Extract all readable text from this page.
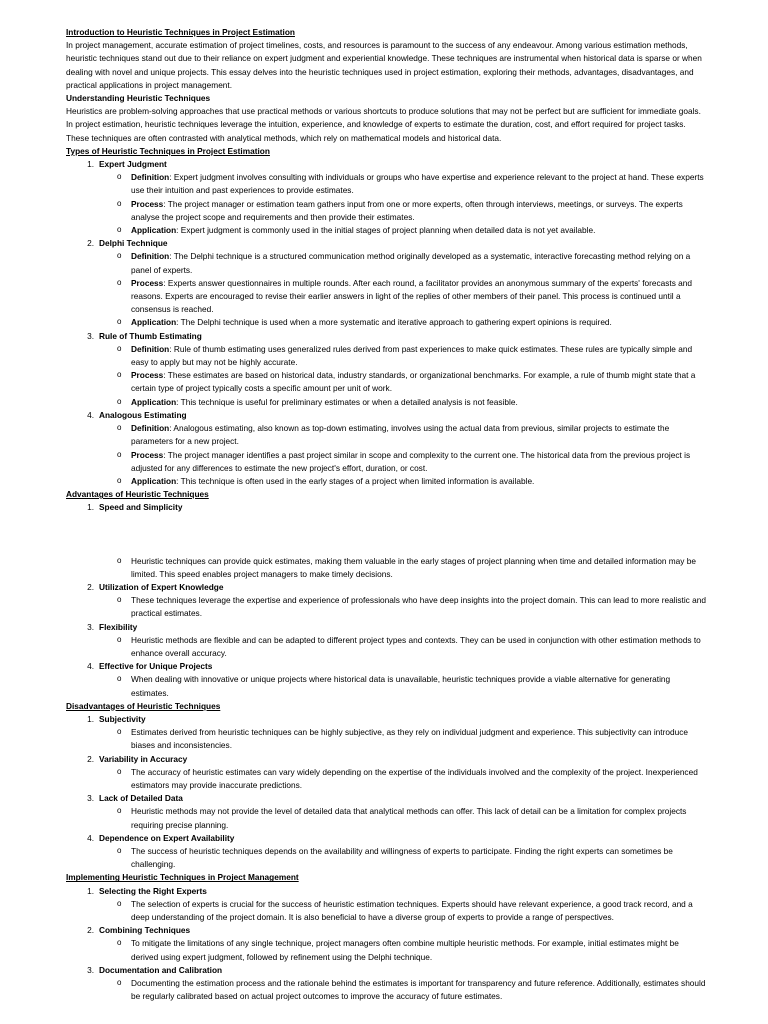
Introduction to Heuristic Techniques in Project Estimation

In project management, accurate estimation of project timelines, costs, and resources is paramount to the success of any endeavour. Among various estimation methods, heuristic techniques stand out due to their reliance on expert judgment and experiential knowledge. These techniques are instrumental when historical data is sparse or when dealing with novel and unique projects. This essay delves into the heuristic techniques used in project estimation, exploring their methods, advantages, disadvantages, and practical applications in project management.

Understanding Heuristic Techniques

Heuristics are problem-solving approaches that use practical methods or various shortcuts to produce solutions that may not be perfect but are sufficient for immediate goals. In project estimation, heuristic techniques leverage the intuition, experience, and knowledge of experts to estimate the duration, cost, and effort required for project tasks. These techniques are often contrasted with analytical methods, which rely on mathematical models and historical data.

Types of Heuristic Techniques in Project Estimation

Expert Judgment
o Definition: Expert judgment involves consulting with individuals or groups who have expertise and experience relevant to the project at hand. These experts use their intuition and past experiences to provide estimates.
o Process: The project manager or estimation team gathers input from one or more experts, often through interviews, meetings, or surveys. The experts analyse the project scope and requirements and then provide their estimates.
o Application: Expert judgment is commonly used in the initial stages of project planning when detailed data is not yet available.
Delphi Technique
o Definition: The Delphi technique is a structured communication method originally developed as a systematic, interactive forecasting method relying on a panel of experts.
o Process: Experts answer questionnaires in multiple rounds. After each round, a facilitator provides an anonymous summary of the experts' forecasts and reasons. Experts are encouraged to revise their earlier answers in light of the replies of other members of their panel. This process is continued until a consensus is reached.
o Application: The Delphi technique is used when a more systematic and iterative approach to gathering expert opinions is required.
Rule of Thumb Estimating
o Definition: Rule of thumb estimating uses generalized rules derived from past experiences to make quick estimates. These rules are typically simple and easy to apply but may not be highly accurate.
o Process: These estimates are based on historical data, industry standards, or organizational benchmarks. For example, a rule of thumb might state that a certain type of project typically costs a specific amount per unit of work.
o Application: This technique is useful for preliminary estimates or when a detailed analysis is not feasible.
Analogous Estimating
o Definition: Analogous estimating, also known as top-down estimating, involves using the actual data from previous, similar projects to estimate the parameters for a new project.
o Process: The project manager identifies a past project similar in scope and complexity to the current one. The historical data from the previous project is adjusted for any differences to estimate the new project's effort, duration, or cost.
o Application: This technique is often used in the early stages of a project when limited information is available.

Advantages of Heuristic Techniques

Speed and Simplicity
o Heuristic techniques can provide quick estimates, making them valuable in the early stages of project planning when time and detailed information may be limited. This speed enables project managers to make timely decisions.
Utilization of Expert Knowledge
o These techniques leverage the expertise and experience of professionals who have deep insights into the project domain. This can lead to more realistic and practical estimates.
Flexibility
o Heuristic methods are flexible and can be adapted to different project types and contexts. They can be used in conjunction with other estimation methods to enhance overall accuracy.
Effective for Unique Projects
o When dealing with innovative or unique projects where historical data is unavailable, heuristic techniques provide a viable alternative for generating estimates.

Disadvantages of Heuristic Techniques

Subjectivity
o Estimates derived from heuristic techniques can be highly subjective, as they rely on individual judgment and experience. This subjectivity can introduce biases and inconsistencies.
Variability in Accuracy
o The accuracy of heuristic estimates can vary widely depending on the expertise of the individuals involved and the complexity of the project. Inexperienced estimators may provide inaccurate predictions.
Lack of Detailed Data
o Heuristic methods may not provide the level of detailed data that analytical methods can offer. This lack of detail can be a limitation for complex projects requiring precise planning.
Dependence on Expert Availability
o The success of heuristic techniques depends on the availability and willingness of experts to participate. Finding the right experts can sometimes be challenging.

Implementing Heuristic Techniques in Project Management

Selecting the Right Experts
o The selection of experts is crucial for the success of heuristic estimation techniques. Experts should have relevant experience, a good track record, and a deep understanding of the project domain. It is also beneficial to have a diverse group of experts to provide a range of perspectives.
Combining Techniques
o To mitigate the limitations of any single technique, project managers often combine multiple heuristic methods. For example, initial estimates might be derived using expert judgment, followed by refinement using the Delphi technique.
Documentation and Calibration
o Documenting the estimation process and the rationale behind the estimates is important for transparency and future reference. Additionally, estimates should be regularly calibrated based on actual project outcomes to improve the accuracy of future estimates.
